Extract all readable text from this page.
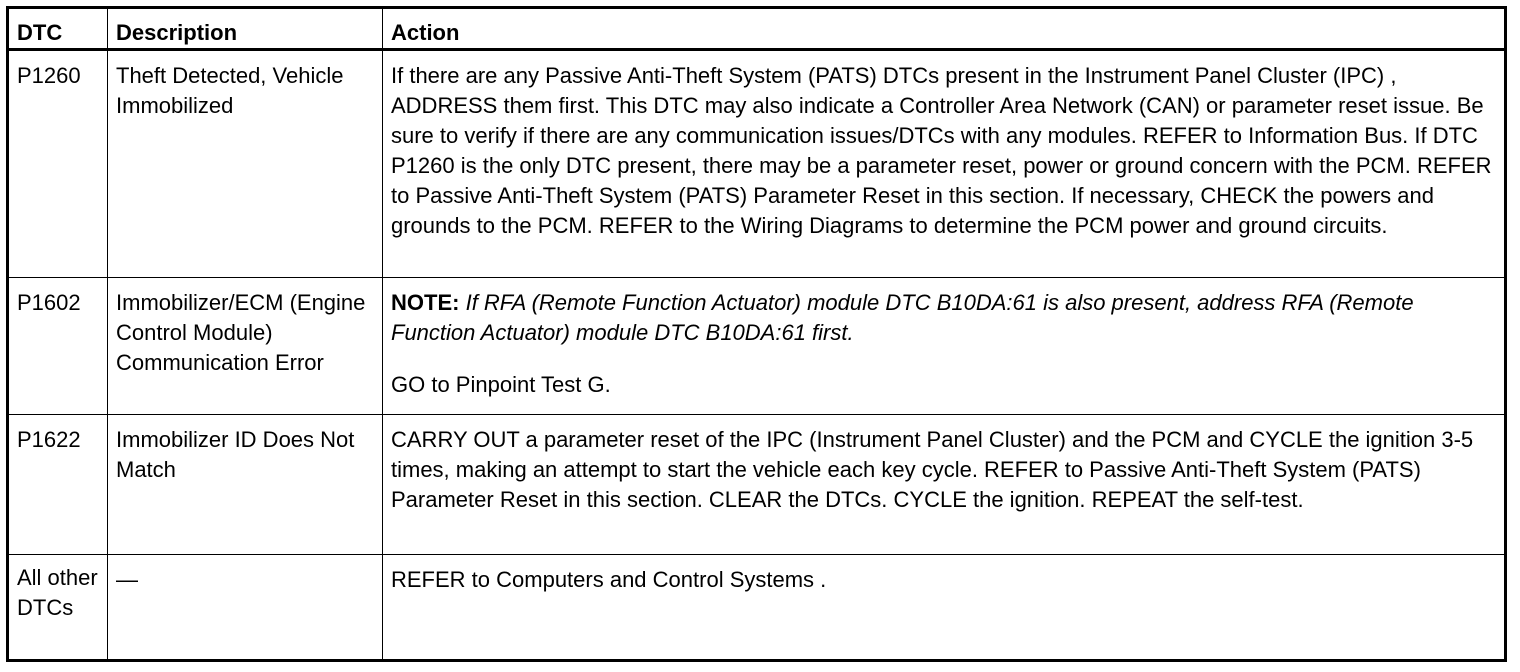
DTC	Description	Action
P1260	Theft Detected, Vehicle Immobilized	If there are any Passive Anti-Theft System (PATS) DTCs present in the Instrument Panel Cluster (IPC) , ADDRESS them first. This DTC may also indicate a Controller Area Network (CAN) or parameter reset issue. Be sure to verify if there are any communication issues/DTCs with any modules. REFER to Information Bus. If DTC P1260 is the only DTC present, there may be a parameter reset, power or ground concern with the PCM. REFER to Passive Anti-Theft System (PATS) Parameter Reset in this section. If necessary, CHECK the powers and grounds to the PCM. REFER to the Wiring Diagrams to determine the PCM power and ground circuits.
P1602	Immobilizer/ECM (Engine Control Module) Communication Error	NOTE: If RFA (Remote Function Actuator) module DTC B10DA:61 is also present, address RFA (Remote Function Actuator) module DTC B10DA:61 first.
GO to Pinpoint Test G.

P1622	Immobilizer ID Does Not Match	CARRY OUT a parameter reset of the IPC (Instrument Panel Cluster) and the PCM and CYCLE the ignition 3-5 times, making an attempt to start the vehicle each key cycle. REFER to Passive Anti-Theft System (PATS) Parameter Reset in this section. CLEAR the DTCs. CYCLE the ignition. REPEAT the self-test.
All other DTCs	—	REFER to Computers and Control Systems .
